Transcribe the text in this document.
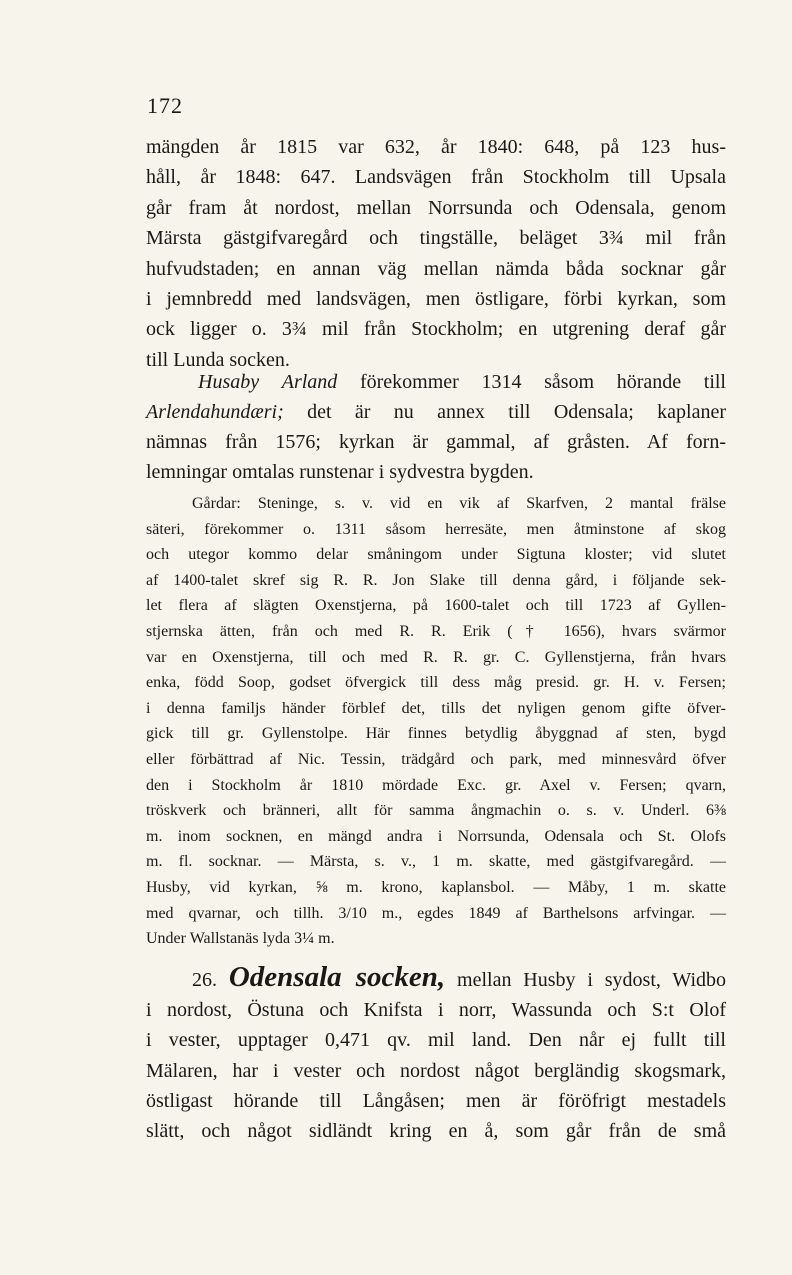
172
mängden år 1815 var 632, år 1840: 648, på 123 hus-
håll, år 1848: 647. Landsvägen från Stockholm till Upsala
går fram åt nordost, mellan Norrsunda och Odensala, genom
Märsta gästgifvaregård och tingställe, beläget 3¾ mil från
hufvudstaden; en annan väg mellan nämda båda socknar går
i jemnbredd med landsvägen, men östligare, förbi kyrkan, som
ock ligger o. 3¾ mil från Stockholm; en utgrening deraf går
till Lunda socken.
Husaby Arland förekommer 1314 såsom hörande till
Arlendahundæri; det är nu annex till Odensala; kaplaner
nämnas från 1576; kyrkan är gammal, af gråsten. Af forn-
lemningar omtalas runstenar i sydvestra bygden.
Gårdar: Steninge, s. v. vid en vik af Skarfven, 2 mantal frälse
säteri, förekommer o. 1311 såsom herresäte, men åtminstone af skog
och utegor kommo delar småningom under Sigtuna kloster; vid slutet
af 1400-talet skref sig R. R. Jon Slake till denna gård, i följande sek-
let flera af slägten Oxenstjerna, på 1600-talet och till 1723 af Gyllen-
stjernska ätten, från och med R. R. Erik († 1656), hvars svärmor
var en Oxenstjerna, till och med R. R. gr. C. Gyllenstjerna, från hvars
enka, född Soop, godset öfvergick till dess måg presid. gr. H. v. Fersen;
i denna familjs händer förblef det, tills det nyligen genom gifte öfver-
gick till gr. Gyllenstolpe. Här finnes betydlig åbyggnad af sten, bygd
eller förbättrad af Nic. Tessin, trädgård och park, med minnesvård öfver
den i Stockholm år 1810 mördade Exc. gr. Axel v. Fersen; qvarn,
tröskverk och bränneri, allt för samma ångmachin o. s. v. Underl. 6⅜
m. inom socknen, en mängd andra i Norrsunda, Odensala och St. Olofs
m. fl. socknar. — Märsta, s. v., 1 m. skatte, med gästgifvaregård. —
Husby, vid kyrkan, ⅝ m. krono, kaplansbol. — Måby, 1 m. skatte
med qvarnar, och tillh. 3/10 m., egdes 1849 af Barthelsons arfvingar. —
Under Wallstanäs lyda 3¼ m.
26. Odensala socken, mellan Husby i sydost, Widbo
i nordost, Östuna och Knifsta i norr, Wassunda och S:t Olof
i vester, upptager 0,471 qv. mil land. Den når ej fullt till
Mälaren, har i vester och nordost något bergländig skogsmark,
östligast hörande till Långåsen; men är föröfrigt mestadels
slätt, och något sidländt kring en å, som går från de små
